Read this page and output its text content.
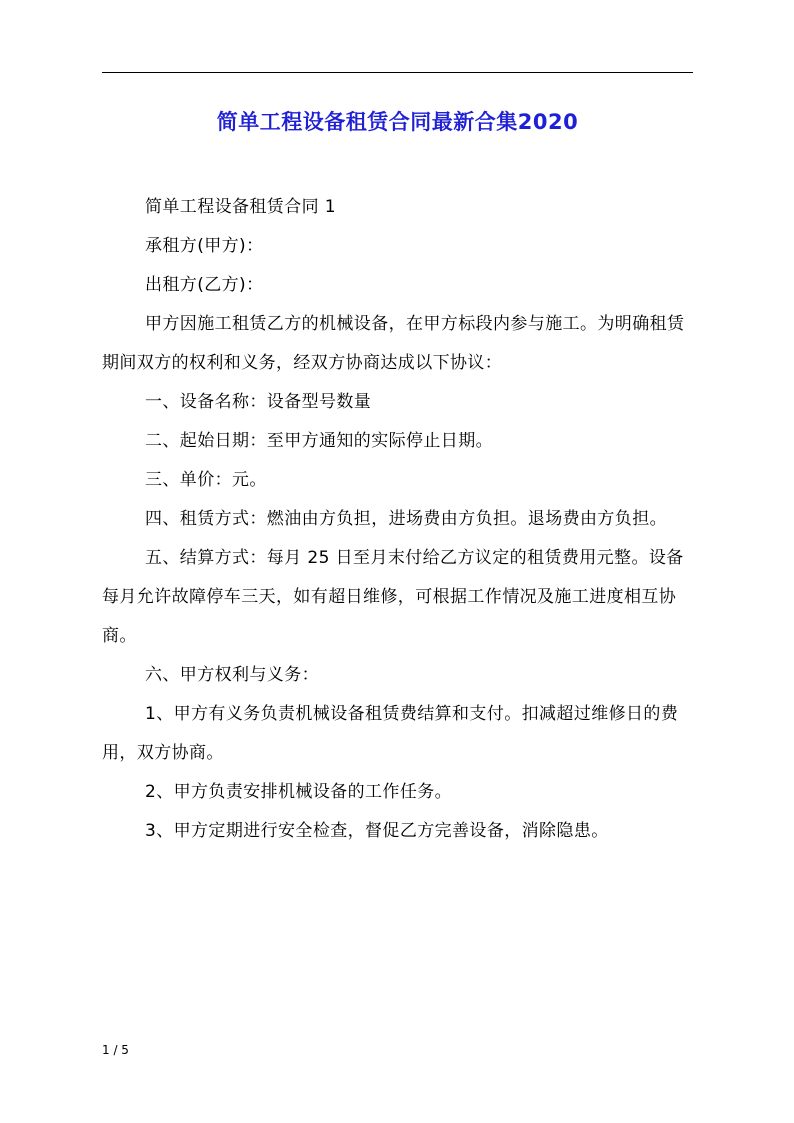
简单工程设备租赁合同最新合集2020

简单工程设备租赁合同 1

承租方(甲方)：

出租方(乙方)：

甲方因施工租赁乙方的机械设备，在甲方标段内参与施工。为明确租赁期间双方的权利和义务，经双方协商达成以下协议：

一、设备名称：设备型号数量

二、起始日期：至甲方通知的实际停止日期。

三、单价：元。

四、租赁方式：燃油由方负担，进场费由方负担。退场费由方负担。

五、结算方式：每月 25 日至月末付给乙方议定的租赁费用元整。设备每月允许故障停车三天，如有超日维修，可根据工作情况及施工进度相互协商。

六、甲方权利与义务：

1、甲方有义务负责机械设备租赁费结算和支付。扣减超过维修日的费用，双方协商。

2、甲方负责安排机械设备的工作任务。

3、甲方定期进行安全检查，督促乙方完善设备，消除隐患。

1 / 5
